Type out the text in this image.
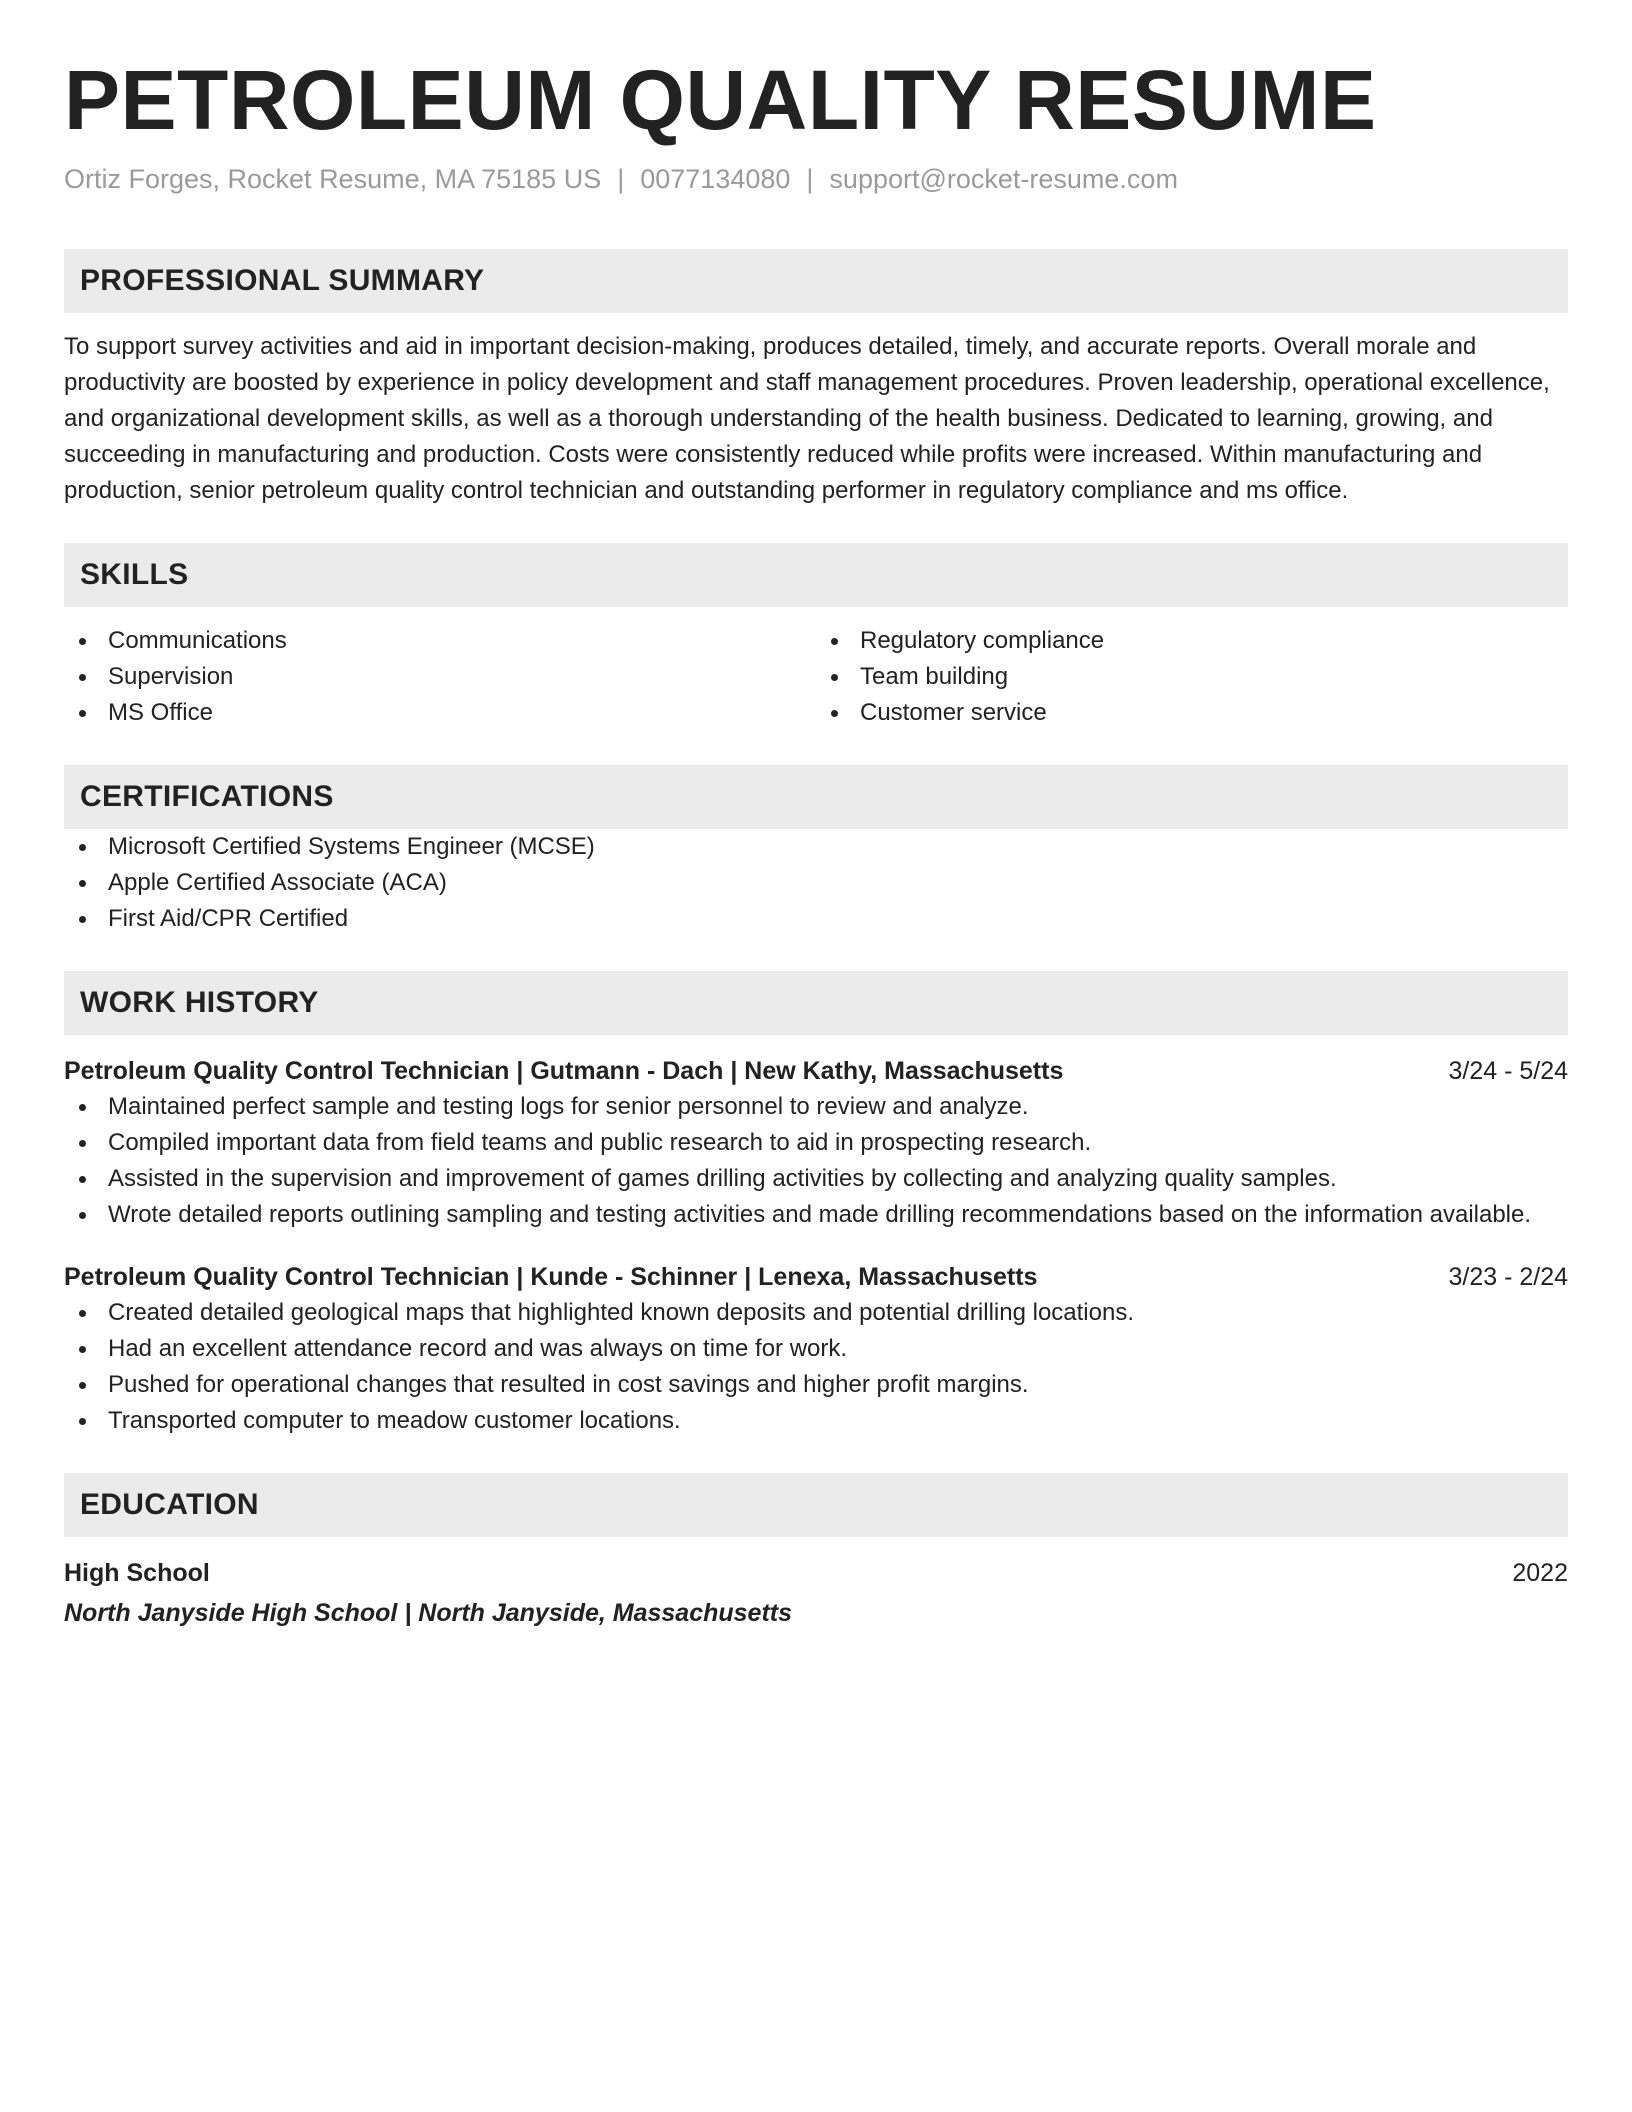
PETROLEUM QUALITY RESUME
Ortiz Forges, Rocket Resume, MA 75185 US | 0077134080 | support@rocket-resume.com
PROFESSIONAL SUMMARY
To support survey activities and aid in important decision-making, produces detailed, timely, and accurate reports. Overall morale and productivity are boosted by experience in policy development and staff management procedures. Proven leadership, operational excellence, and organizational development skills, as well as a thorough understanding of the health business. Dedicated to learning, growing, and succeeding in manufacturing and production. Costs were consistently reduced while profits were increased. Within manufacturing and production, senior petroleum quality control technician and outstanding performer in regulatory compliance and ms office.
SKILLS
Communications
Supervision
MS Office
Regulatory compliance
Team building
Customer service
CERTIFICATIONS
Microsoft Certified Systems Engineer (MCSE)
Apple Certified Associate (ACA)
First Aid/CPR Certified
WORK HISTORY
Petroleum Quality Control Technician | Gutmann - Dach | New Kathy, Massachusetts	3/24 - 5/24
Maintained perfect sample and testing logs for senior personnel to review and analyze.
Compiled important data from field teams and public research to aid in prospecting research.
Assisted in the supervision and improvement of games drilling activities by collecting and analyzing quality samples.
Wrote detailed reports outlining sampling and testing activities and made drilling recommendations based on the information available.
Petroleum Quality Control Technician | Kunde - Schinner | Lenexa, Massachusetts	3/23 - 2/24
Created detailed geological maps that highlighted known deposits and potential drilling locations.
Had an excellent attendance record and was always on time for work.
Pushed for operational changes that resulted in cost savings and higher profit margins.
Transported computer to meadow customer locations.
EDUCATION
High School	2022
North Janyside High School | North Janyside, Massachusetts
